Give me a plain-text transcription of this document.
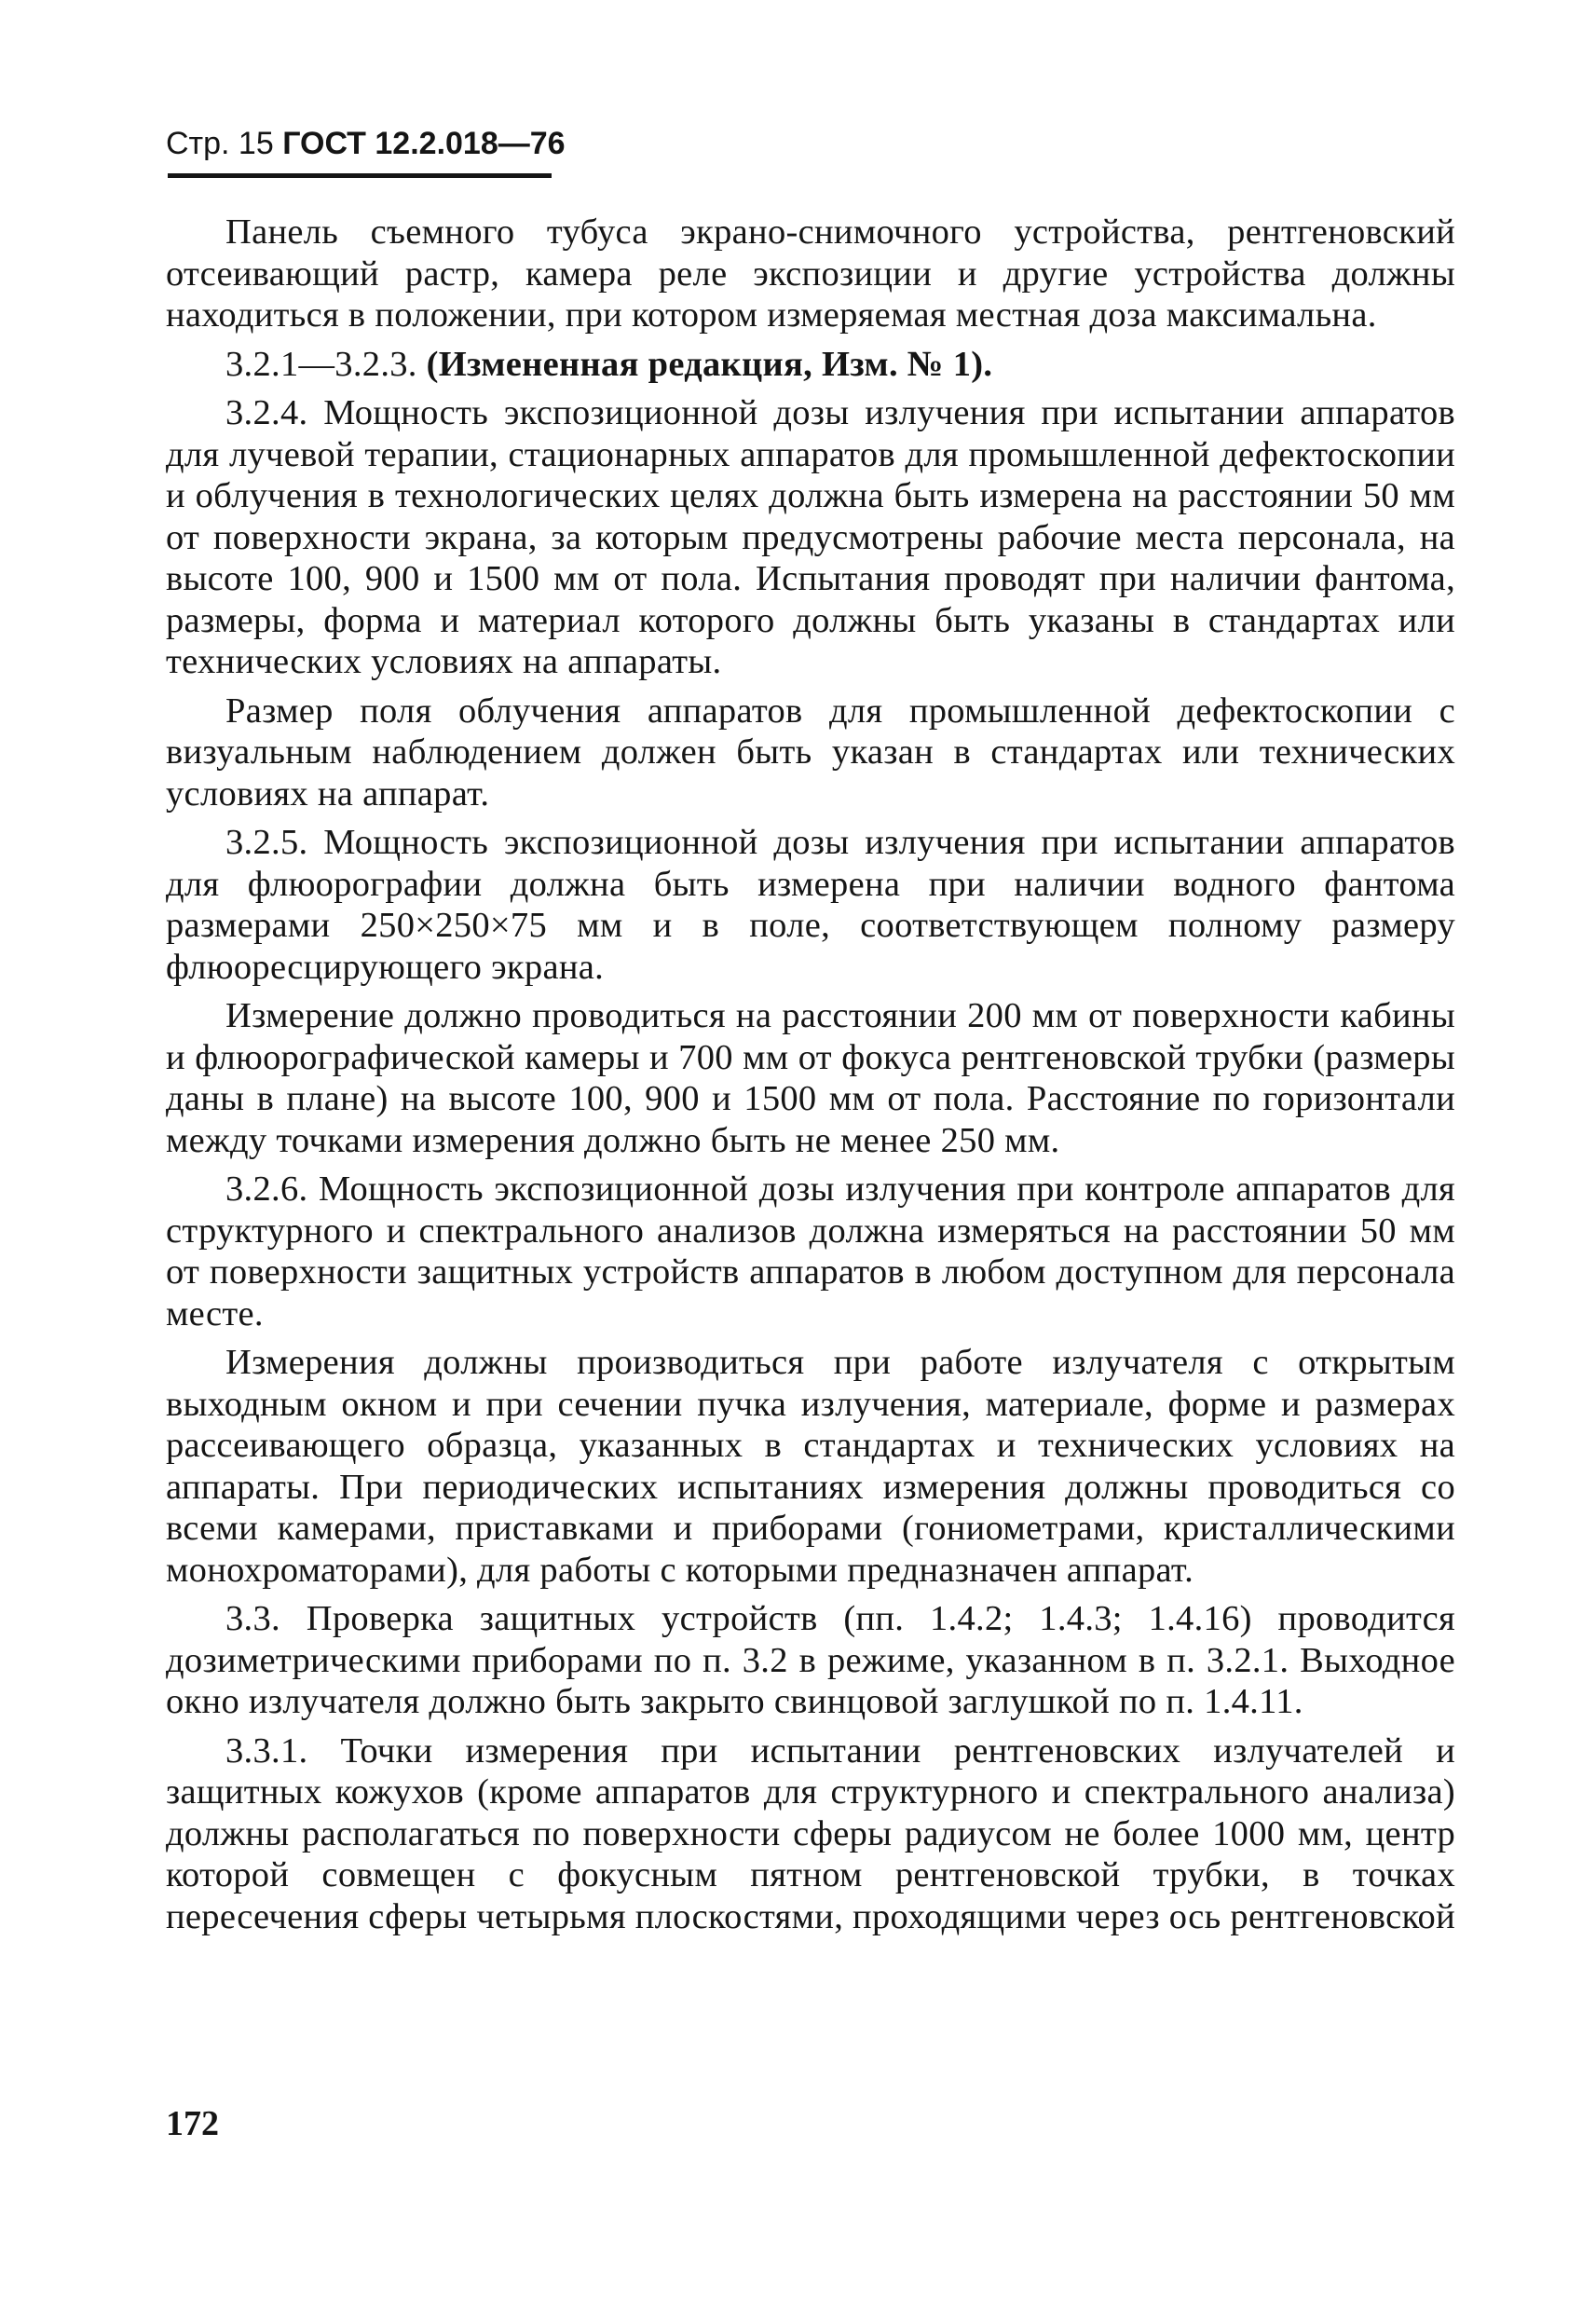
Стр. 15 ГОСТ 12.2.018—76

Панель съемного тубуса экрано-снимочного устройства, рентгеновский отсеивающий растр, камера реле экспозиции и другие устройства должны находиться в положении, при котором измеряемая местная доза максимальна.

3.2.1—3.2.3. (Измененная редакция, Изм. № 1).

3.2.4. Мощность экспозиционной дозы излучения при испытании аппаратов для лучевой терапии, стационарных аппаратов для промышленной дефектоскопии и облучения в технологических целях должна быть измерена на расстоянии 50 мм от поверхности экрана, за которым предусмотрены рабочие места персонала, на высоте 100, 900 и 1500 мм от пола. Испытания проводят при наличии фантома, размеры, форма и материал которого должны быть указаны в стандартах или технических условиях на аппараты.

Размер поля облучения аппаратов для промышленной дефектоскопии с визуальным наблюдением должен быть указан в стандартах или технических условиях на аппарат.

3.2.5. Мощность экспозиционной дозы излучения при испытании аппаратов для флюорографии должна быть измерена при наличии водного фантома размерами 250×250×75 мм и в поле, соответствующем полному размеру флюоресцирующего экрана.

Измерение должно проводиться на расстоянии 200 мм от поверхности кабины и флюорографической камеры и 700 мм от фокуса рентгеновской трубки (размеры даны в плане) на высоте 100, 900 и 1500 мм от пола. Расстояние по горизонтали между точками измерения должно быть не менее 250 мм.

3.2.6. Мощность экспозиционной дозы излучения при контроле аппаратов для структурного и спектрального анализов должна измеряться на расстоянии 50 мм от поверхности защитных устройств аппаратов в любом доступном для персонала месте.

Измерения должны производиться при работе излучателя с открытым выходным окном и при сечении пучка излучения, материале, форме и размерах рассеивающего образца, указанных в стандартах и технических условиях на аппараты. При периодических испытаниях измерения должны проводиться со всеми камерами, приставками и приборами (гониометрами, кристаллическими монохроматорами), для работы с которыми предназначен аппарат.

3.3. Проверка защитных устройств (пп. 1.4.2; 1.4.3; 1.4.16) проводится дозиметрическими приборами по п. 3.2 в режиме, указанном в п. 3.2.1. Выходное окно излучателя должно быть закрыто свинцовой заглушкой по п. 1.4.11.

3.3.1. Точки измерения при испытании рентгеновских излучателей и защитных кожухов (кроме аппаратов для структурного и спектрального анализа) должны располагаться по поверхности сферы радиусом не более 1000 мм, центр которой совмещен с фокусным пятном рентгеновской трубки, в точках пересечения сферы четырьмя плоскостями, проходящими через ось рентгеновской

172
